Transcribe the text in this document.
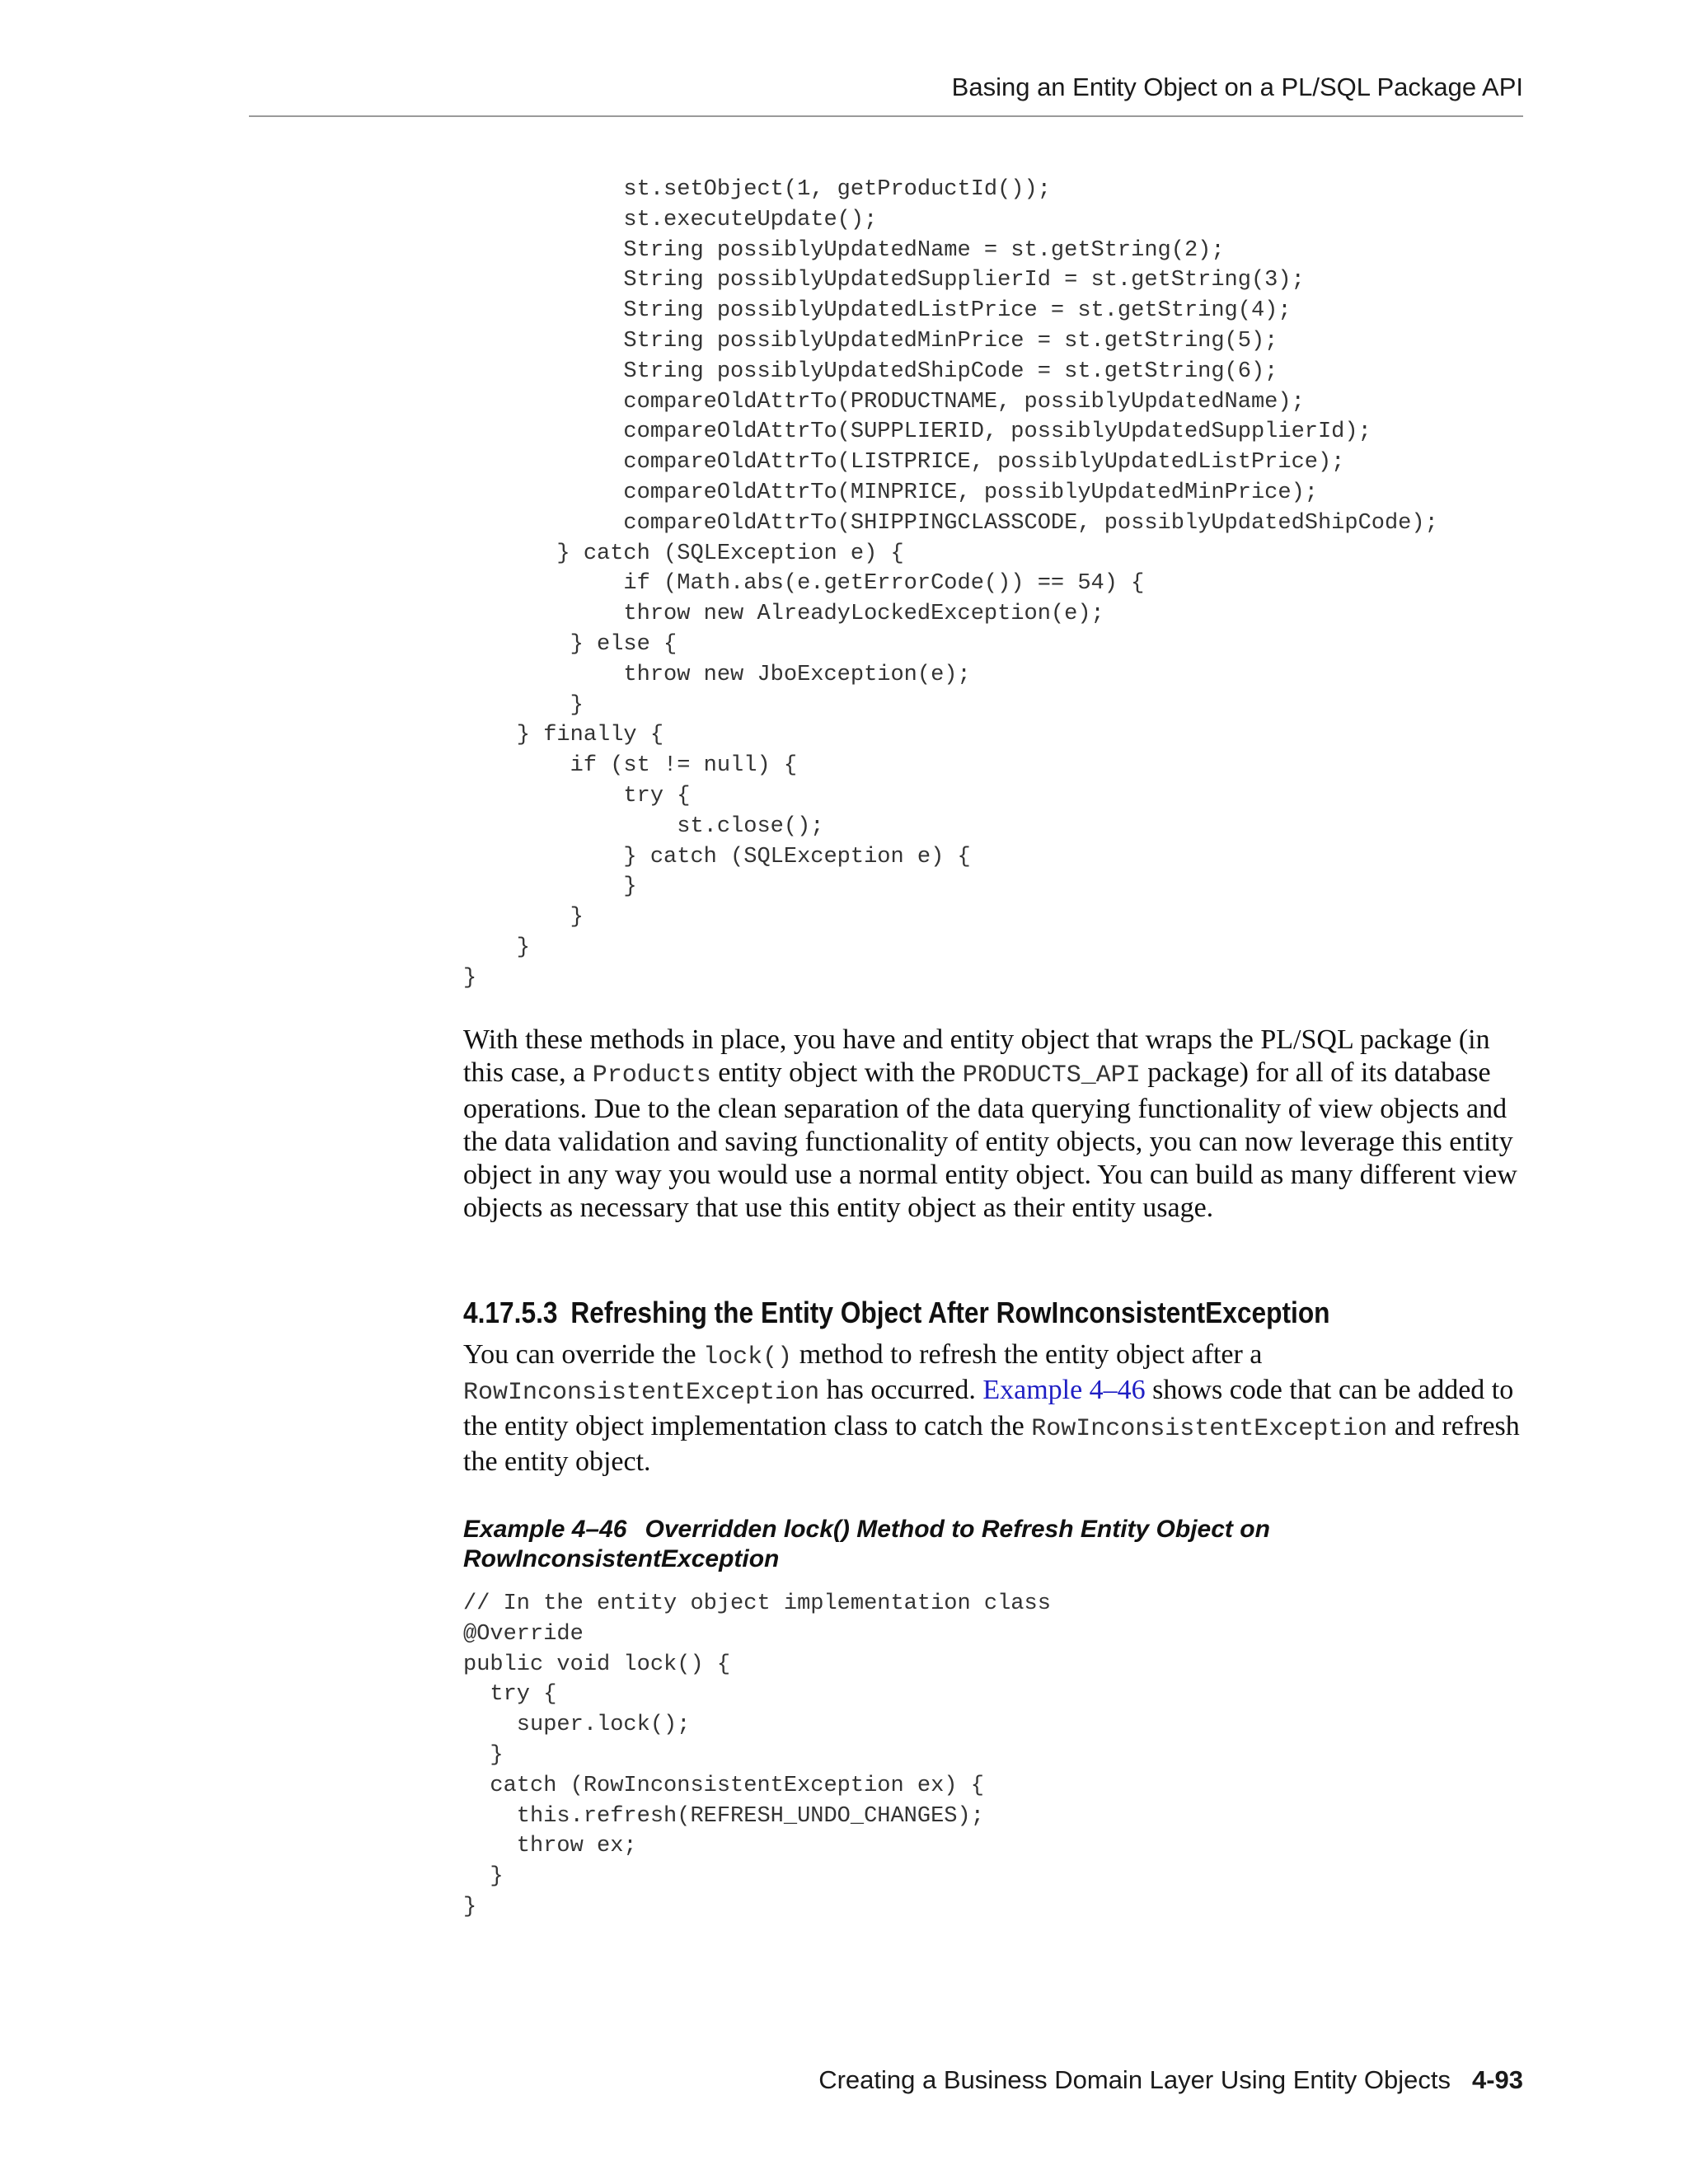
Basing an Entity Object on a PL/SQL Package API
st.setObject(1, getProductId());
st.executeUpdate();
String possiblyUpdatedName = st.getString(2);
String possiblyUpdatedSupplierId = st.getString(3);
String possiblyUpdatedListPrice = st.getString(4);
String possiblyUpdatedMinPrice = st.getString(5);
String possiblyUpdatedShipCode = st.getString(6);
compareOldAttrTo(PRODUCTNAME, possiblyUpdatedName);
compareOldAttrTo(SUPPLIERID, possiblyUpdatedSupplierId);
compareOldAttrTo(LISTPRICE, possiblyUpdatedListPrice);
compareOldAttrTo(MINPRICE, possiblyUpdatedMinPrice);
compareOldAttrTo(SHIPPINGCLASSCODE, possiblyUpdatedShipCode);
} catch (SQLException e) {
if (Math.abs(e.getErrorCode()) == 54) {
throw new AlreadyLockedException(e);
} else {
throw new JboException(e);
}
} finally {
if (st != null) {
try {
st.close();
} catch (SQLException e) {
}
}
}
}

With these methods in place, you have and entity object that wraps the PL/SQL package (in this case, a Products entity object with the PRODUCTS_API package) for all of its database operations. Due to the clean separation of the data querying functionality of view objects and the data validation and saving functionality of entity objects, you can now leverage this entity object in any way you would use a normal entity object. You can build as many different view objects as necessary that use this entity object as their entity usage.

4.17.5.3 Refreshing the Entity Object After RowInconsistentException

You can override the lock() method to refresh the entity object after a RowInconsistentException has occurred. Example 4–46 shows code that can be added to the entity object implementation class to catch the RowInconsistentException and refresh the entity object.

Example 4–46 Overridden lock() Method to Refresh Entity Object on RowInconsistentException
// In the entity object implementation class
@Override
public void lock() {
try {
super.lock();
}
catch (RowInconsistentException ex) {
this.refresh(REFRESH_UNDO_CHANGES);
throw ex;
}
}
Creating a Business Domain Layer Using Entity Objects 4-93
